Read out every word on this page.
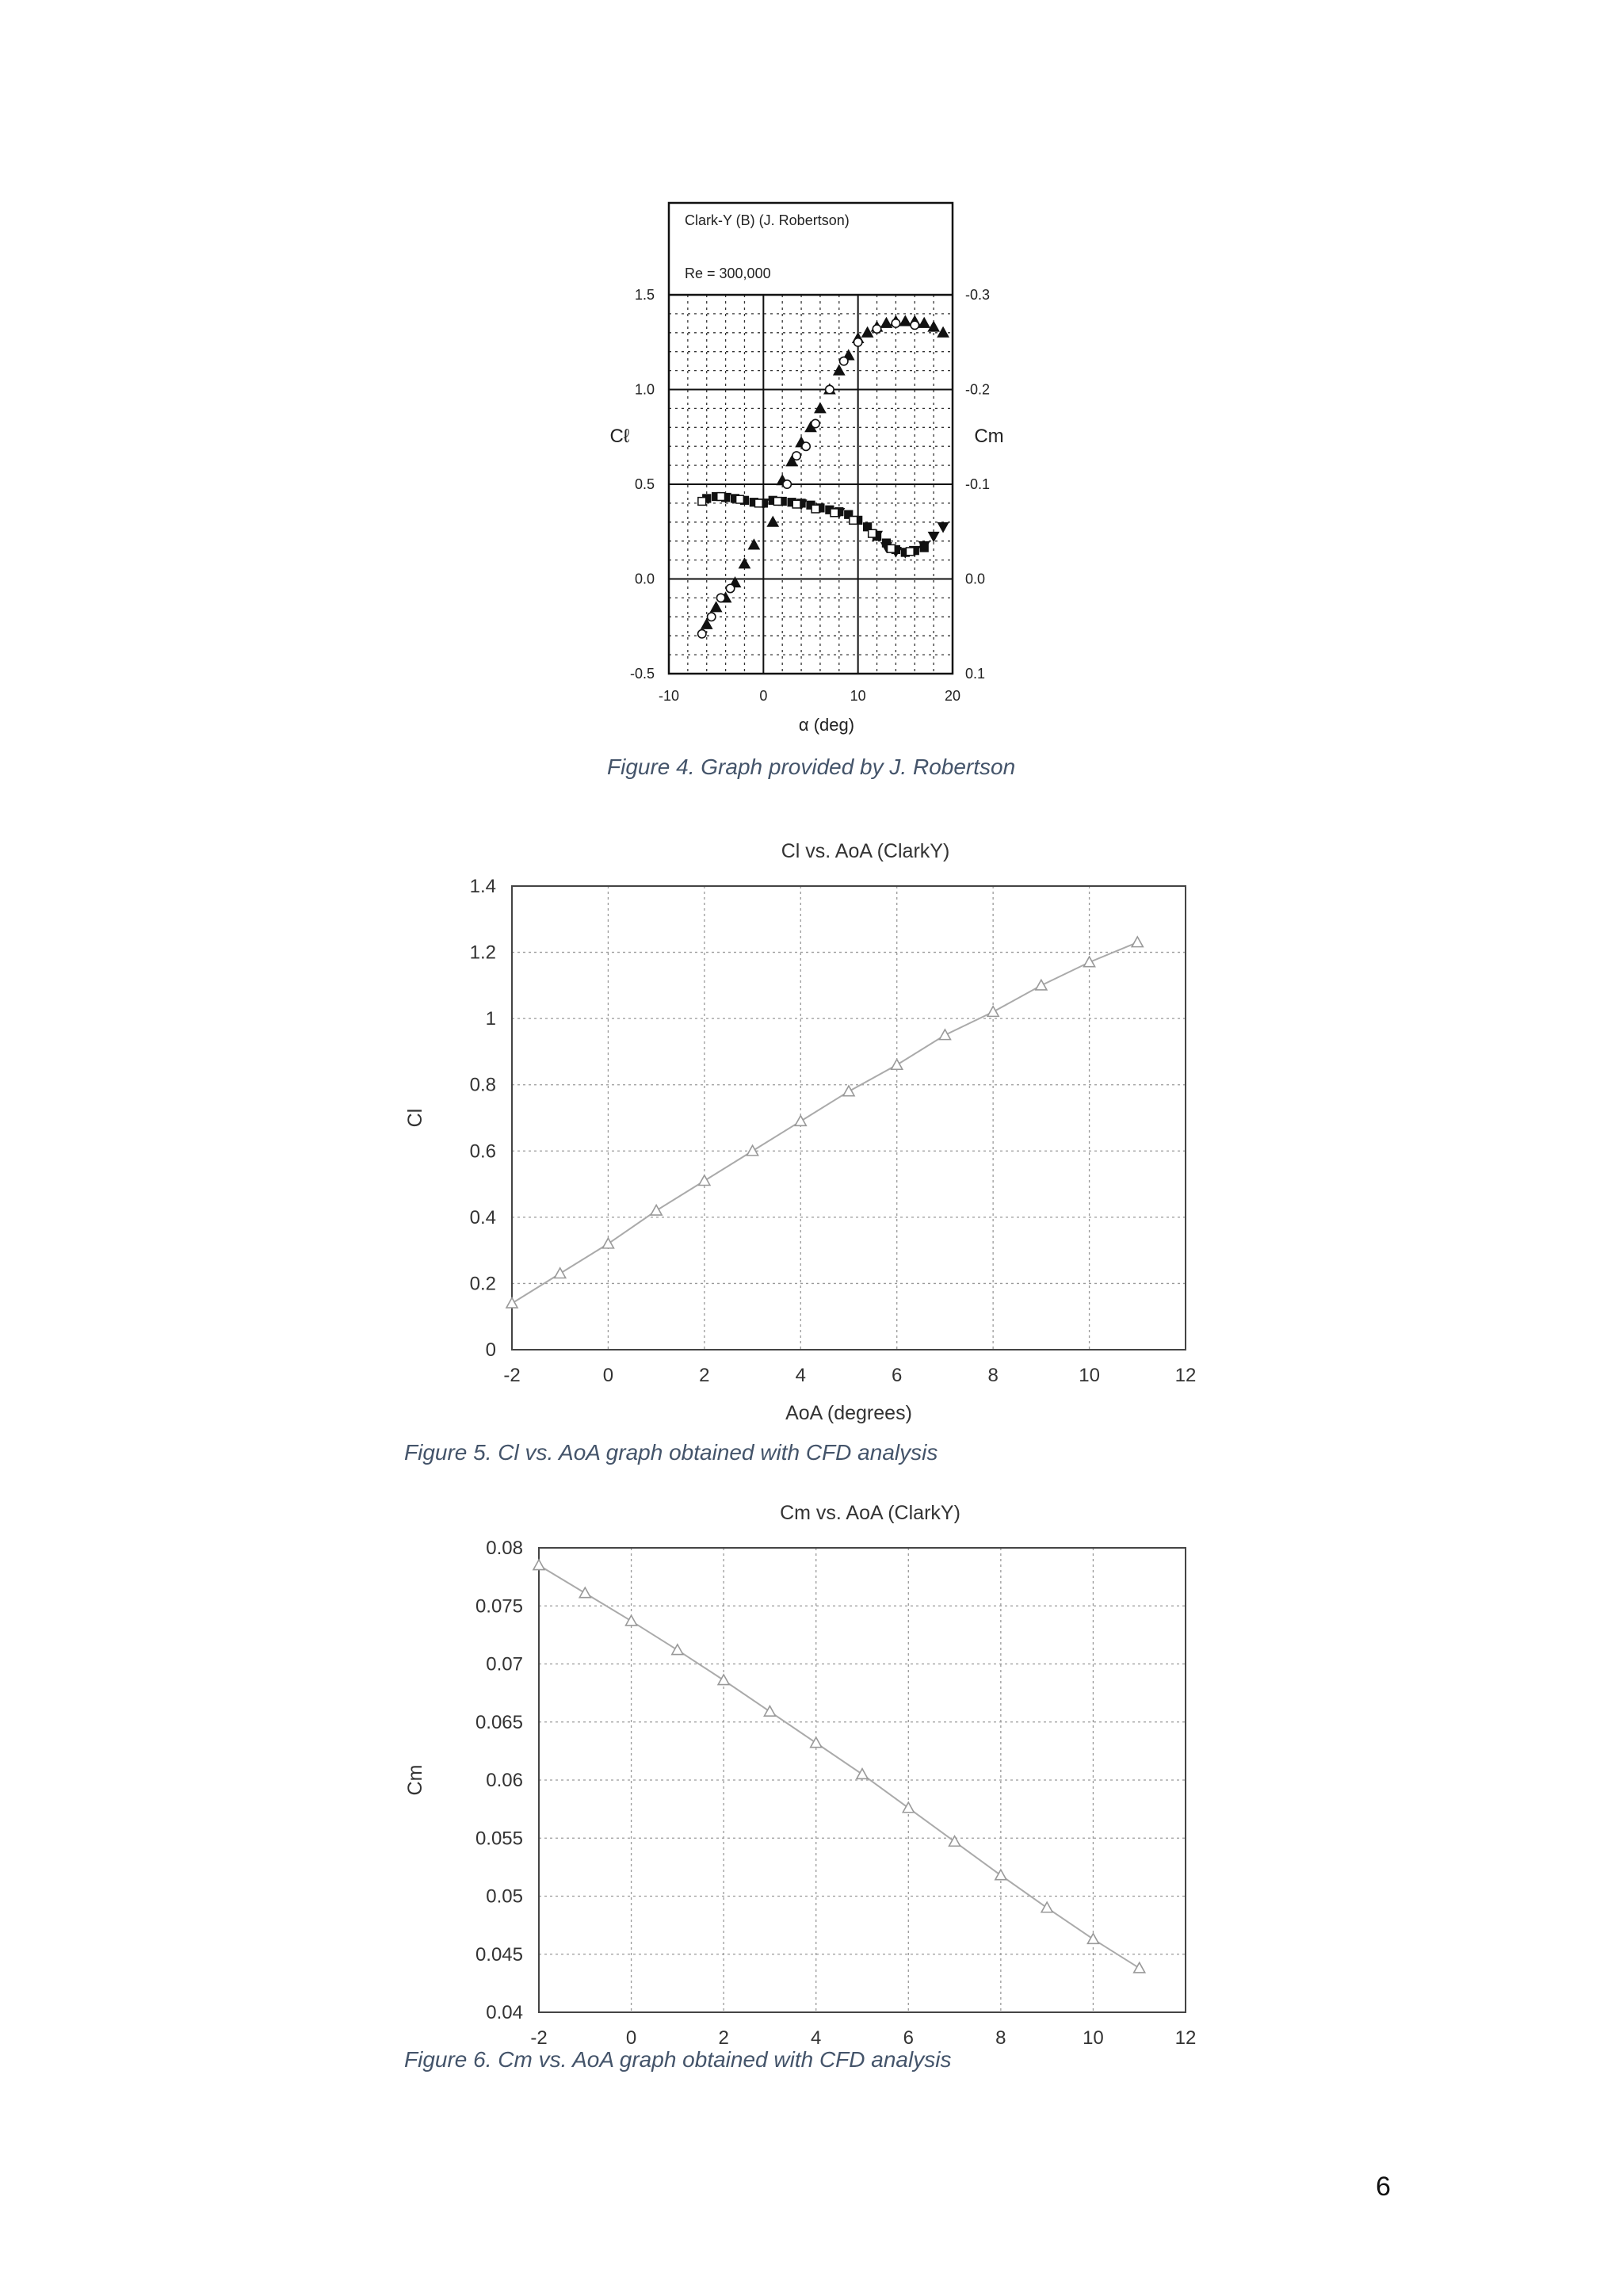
Clark-Y (B) (J. Robertson)
Re = 300,000
-10	0	10	20
-0.5
0.0
0.5
1.0
1.5
0.1
0.0
-0.1
-0.2
-0.3
α (deg)
Cℓ	Cm
0
0.2
0.4
0.6
0.8
1
1.2
1.4
-2	0	2	4	6	8	10	12
Cl vs. AoA (ClarkY)
AoA (degrees)
Cl
0.04
0.045
0.05
0.055
0.06
0.065
0.07
0.075
0.08
-2	0	2	4	6	8	10	12
Cm vs. AoA (ClarkY)
Cm
Figure 4. Graph provided by J. Robertson
Figure 5. Cl vs. AoA graph obtained with CFD analysis
Figure 6. Cm vs. AoA graph obtained with CFD analysis
6
